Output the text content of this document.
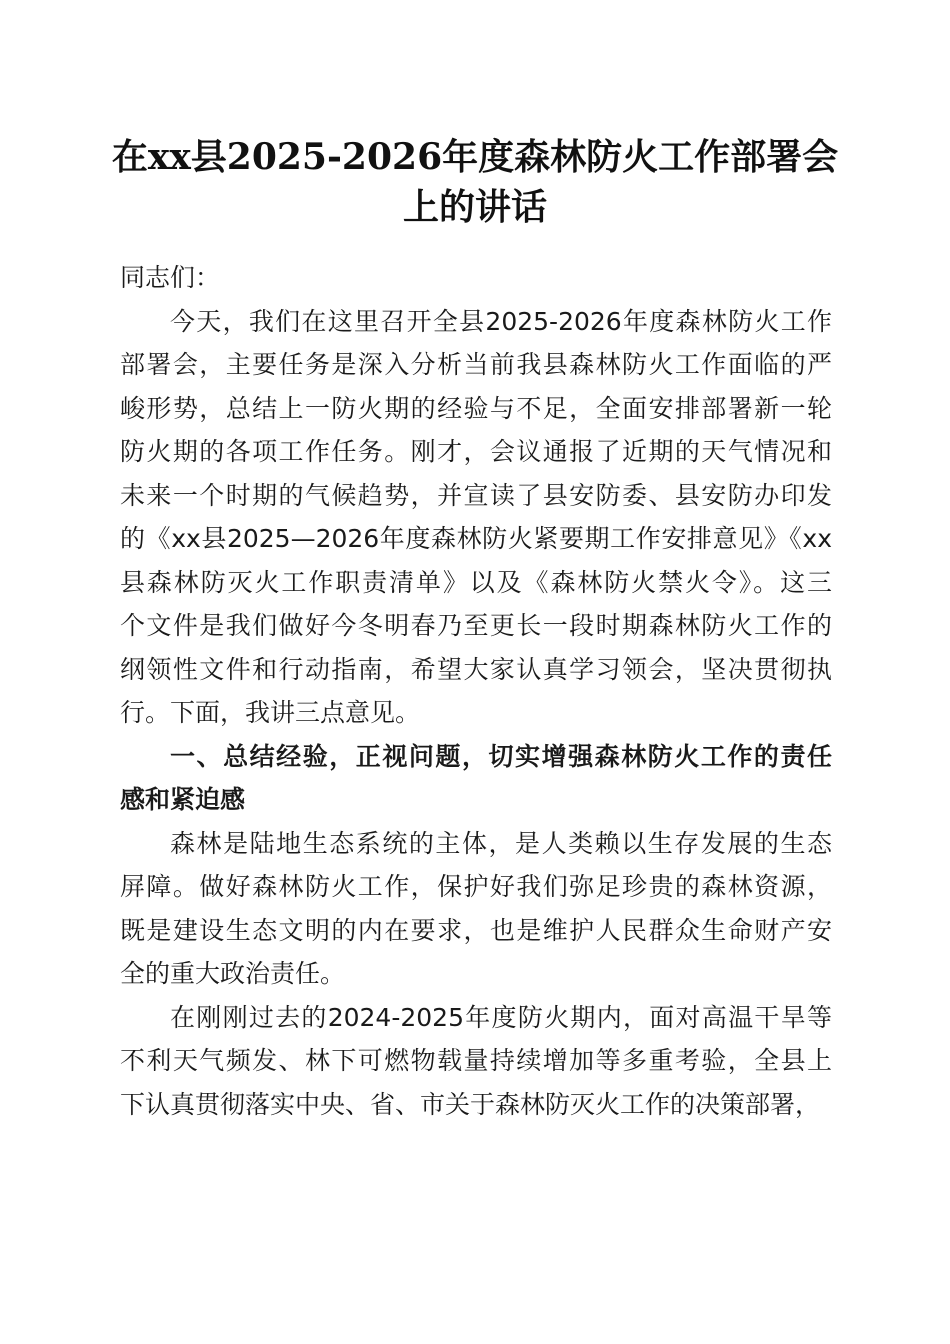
在xx县2025-2026年度森林防火工作部署会
上的讲话
同志们：
今天，我们在这里召开全县2025-2026年度森林防火工作
部署会，主要任务是深入分析当前我县森林防火工作面临的严
峻形势，总结上一防火期的经验与不足，全面安排部署新一轮
防火期的各项工作任务。刚才，会议通报了近期的天气情况和
未来一个时期的气候趋势，并宣读了县安防委、县安防办印发
的《xx县2025—2026年度森林防火紧要期工作安排意见》《xx
县森林防灭火工作职责清单》以及《森林防火禁火令》。这三
个文件是我们做好今冬明春乃至更长一段时期森林防火工作的
纲领性文件和行动指南，希望大家认真学习领会，坚决贯彻执
行。下面，我讲三点意见。
一、总结经验，正视问题，切实增强森林防火工作的责任
感和紧迫感
森林是陆地生态系统的主体，是人类赖以生存发展的生态
屏障。做好森林防火工作，保护好我们弥足珍贵的森林资源，
既是建设生态文明的内在要求，也是维护人民群众生命财产安
全的重大政治责任。
在刚刚过去的2024-2025年度防火期内，面对高温干旱等
不利天气频发、林下可燃物载量持续增加等多重考验，全县上
下认真贯彻落实中央、省、市关于森林防灭火工作的决策部署，
